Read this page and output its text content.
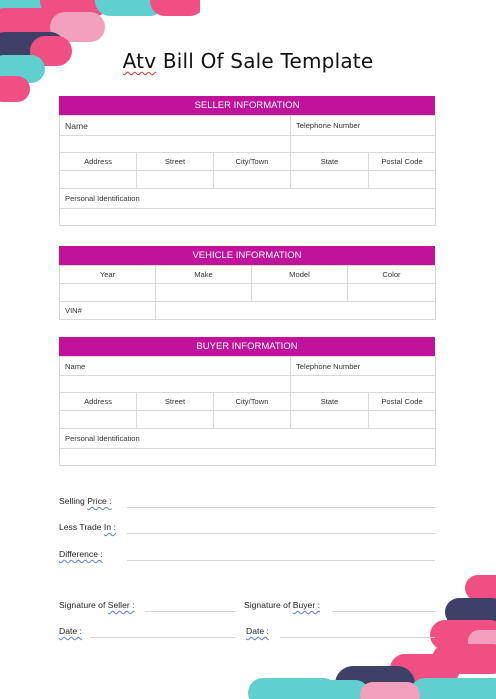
Atv Bill Of Sale Template
SELLER INFORMATION
Name			Telephone Number	

Address	Street	City/Town	State	Postal Code

Personal Identification				

VEHICLE INFORMATION
Year	Make	Model	Color

VIN#			
BUYER INFORMATION
Name			Telephone Number	

Address	Street	City/Town	State	Postal Code

Personal Identification				

Selling Price :
Less Trade In :
Difference :
Signature of Seller :	Signature of Buyer :
Date :	Date :
